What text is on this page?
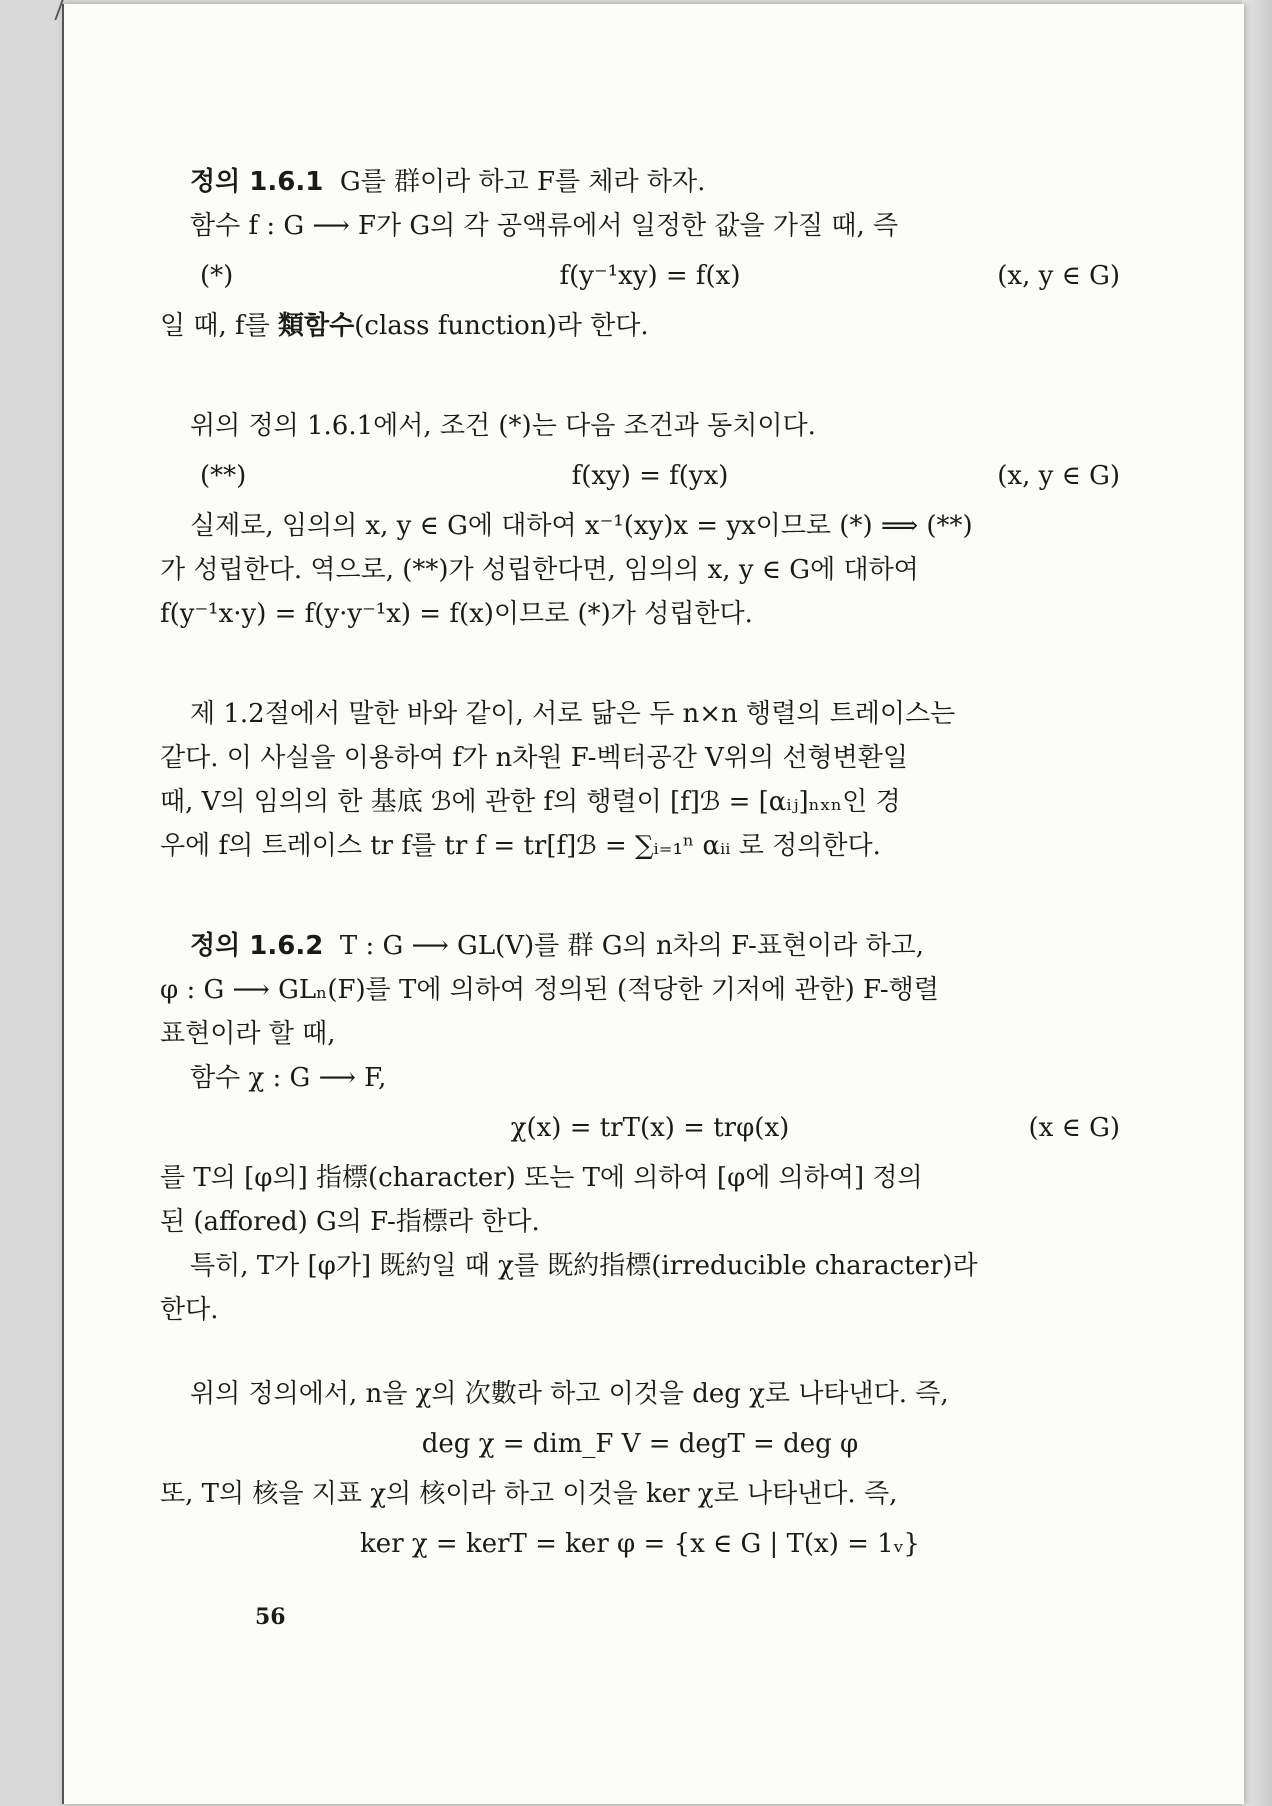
정의 1.6.1 G를 群이라 하고 F를 체라 하자.
함수 f : G ⟶ F가 G의 각 공액류에서 일정한 값을 가질 때, 즉
(*)	f(y⁻¹xy) = f(x)	(x, y ∈ G)
일 때, f를 類함수(class function)라 한다.
위의 정의 1.6.1에서, 조건 (*)는 다음 조건과 동치이다.
(**)	f(xy) = f(yx)	(x, y ∈ G)
실제로, 임의의 x, y ∈ G에 대하여 x⁻¹(xy)x = yx이므로 (*) ⟹ (**)
가 성립한다. 역으로, (**)가 성립한다면, 임의의 x, y ∈ G에 대하여
f(y⁻¹x·y) = f(y·y⁻¹x) = f(x)이므로 (*)가 성립한다.
제 1.2절에서 말한 바와 같이, 서로 닮은 두 n×n 행렬의 트레이스는
같다. 이 사실을 이용하여 f가 n차원 F-벡터공간 V위의 선형변환일
때, V의 임의의 한 基底 ℬ에 관한 f의 행렬이 [f]ℬ = [αᵢⱼ]ₙₓₙ인 경
우에 f의 트레이스 tr f를 tr f = tr[f]ℬ = ∑ᵢ₌₁ⁿ αᵢᵢ 로 정의한다.
정의 1.6.2 T : G ⟶ GL(V)를 群 G의 n차의 F-표현이라 하고,
φ : G ⟶ GLₙ(F)를 T에 의하여 정의된 (적당한 기저에 관한) F-행렬
표현이라 할 때,
함수 χ : G ⟶ F,
χ(x) = trT(x) = trφ(x)	(x ∈ G)
를 T의 [φ의] 指標(character) 또는 T에 의하여 [φ에 의하여] 정의
된 (affored) G의 F-指標라 한다.
특히, T가 [φ가] 既約일 때 χ를 既約指標(irreducible character)라
한다.
위의 정의에서, n을 χ의 次數라 하고 이것을 deg χ로 나타낸다. 즉,
deg χ = dim_F V = degT = deg φ
또, T의 核을 지표 χ의 核이라 하고 이것을 ker χ로 나타낸다. 즉,
ker χ = kerT = ker φ = {x ∈ G | T(x) = 1ᵥ}
56
